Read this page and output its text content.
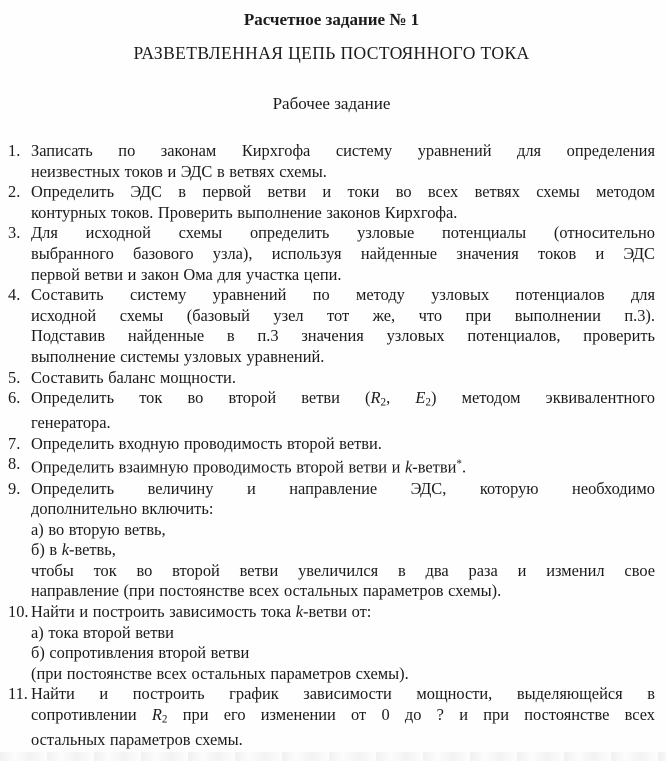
Расчетное задание № 1
РАЗВЕТВЛЕННАЯ ЦЕПЬ ПОСТОЯННОГО ТОКА
Рабочее задание
1. Записать по законам Кирхгофа систему уравнений для определения
неизвестных токов и ЭДС в ветвях схемы.
2. Определить ЭДС в первой ветви и токи во всех ветвях схемы методом
контурных токов. Проверить выполнение законов Кирхгофа.
3. Для исходной схемы определить узловые потенциалы (относительно
выбранного базового узла), используя найденные значения токов и ЭДС
первой ветви и закон Ома для участка цепи.
4. Составить систему уравнений по методу узловых потенциалов для
исходной схемы (базовый узел тот же, что при выполнении п.3).
Подставив найденные в п.3 значения узловых потенциалов, проверить
выполнение системы узловых уравнений.
5. Составить баланс мощности.
6. Определить ток во второй ветви ($R_2$, $E_2$) методом эквивалентного
генератора.
7. Определить входную проводимость второй ветви.
8. Определить взаимную проводимость второй ветви и k-ветви*.
9. Определить величину и направление ЭДС, которую необходимо
дополнительно включить:
а) во вторую ветвь,
б) в k-ветвь,
чтобы ток во второй ветви увеличился в два раза и изменил свое
направление (при постоянстве всех остальных параметров схемы).
10. Найти и построить зависимость тока k-ветви от:
а) тока второй ветви
б) сопротивления второй ветви
(при постоянстве всех остальных параметров схемы).
11. Найти и построить график зависимости мощности, выделяющейся в
сопротивлении $R_2$ при его изменении от 0 до ? и при постоянстве всех
остальных параметров схемы.
